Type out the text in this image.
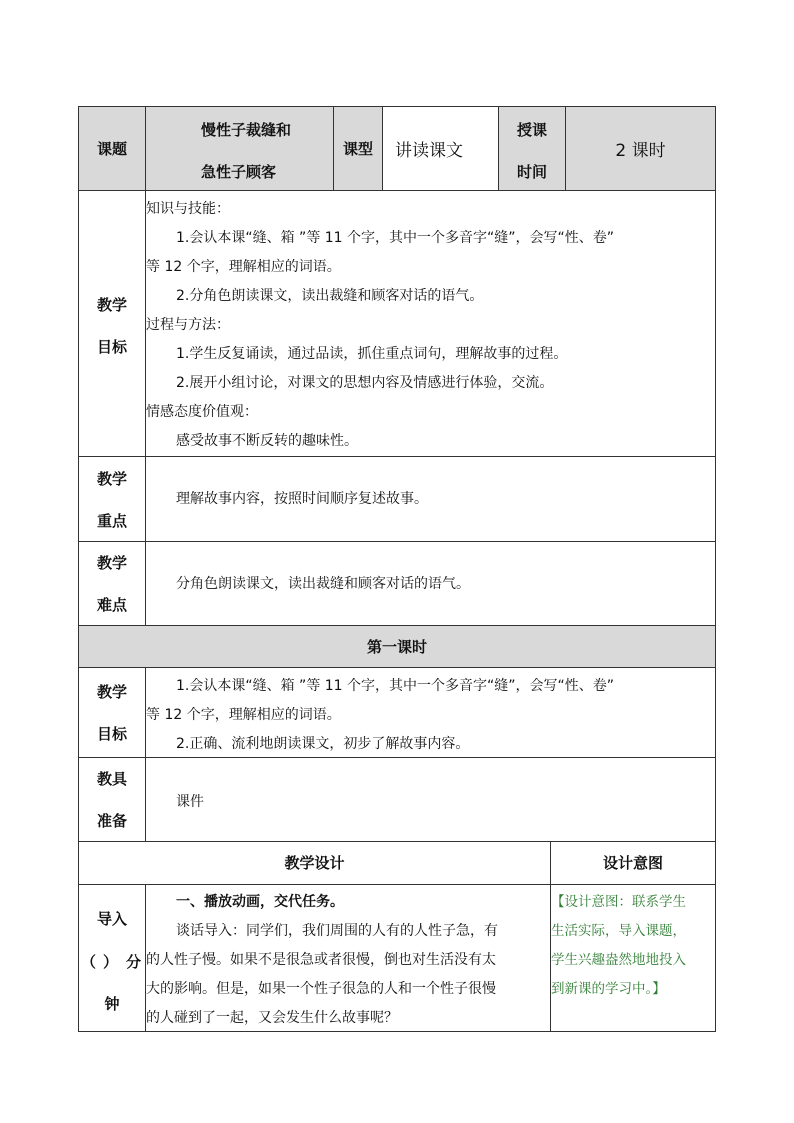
课题
慢性子裁缝和
急性子顾客
课型 讲读课文
授课
时间
2 课时
教学
目标
知识与技能：
1.会认本课“缝、箱 ”等 11 个字，其中一个多音字“缝”，会写“性、卷”
等 12 个字，理解相应的词语。
2.分角色朗读课文，读出裁缝和顾客对话的语气。
过程与方法：
1.学生反复诵读，通过品读，抓住重点词句，理解故事的过程。
2.展开小组讨论，对课文的思想内容及情感进行体验，交流。
情感态度价值观：
感受故事不断反转的趣味性。
教学
重点
理解故事内容，按照时间顺序复述故事。
教学
难点
分角色朗读课文，读出裁缝和顾客对话的语气。
第一课时
教学
目标
1.会认本课“缝、箱 ”等 11 个字，其中一个多音字“缝”，会写“性、卷”
等 12 个字，理解相应的词语。
2.正确、流利地朗读课文，初步了解故事内容。
教具
准备
课件
教学设计	设计意图
导入
（ ） 分
钟
一、播放动画，交代任务。
谈话导入：同学们，我们周围的人有的人性子急，有
的人性子慢。如果不是很急或者很慢，倒也对生活没有太
大的影响。但是，如果一个性子很急的人和一个性子很慢
的人碰到了一起，又会发生什么故事呢？
【设计意图：联系学生
生活实际，导入课题，
学生兴趣盎然地地投入
到新课的学习中。】
